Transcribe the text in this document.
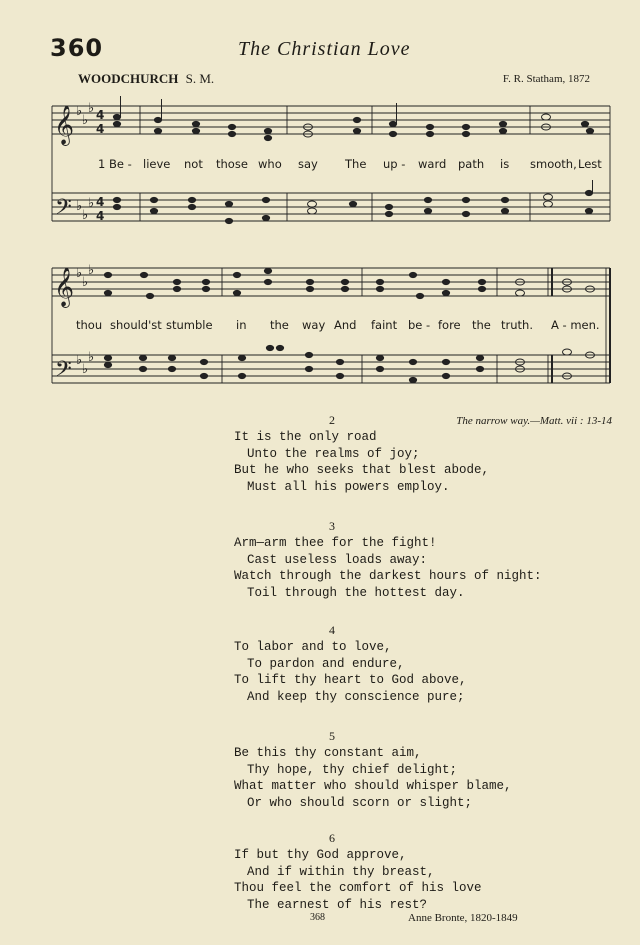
360	The Christian Love
WOODCHURCH S. M.	F. R. Statham, 1872
𝄞
𝄢
𝄞
𝄢
♭
♭
♭
♭
♭
♭
♭
♭
♭
♭
♭
♭
4
4
4
4
1 Be - lieve not those who say The up - ward path is smooth, Lest
thou should'st stumble in the way And faint be - fore the truth. A - men.
The narrow way.—Matt. vii : 13-14
2
It is the only road
Unto the realms of joy;
But he who seeks that blest abode,
Must all his powers employ.
3
Arm—arm thee for the fight!
Cast useless loads away:
Watch through the darkest hours of night:
Toil through the hottest day.
4
To labor and to love,
To pardon and endure,
To lift thy heart to God above,
And keep thy conscience pure;
5
Be this thy constant aim,
Thy hope, thy chief delight;
What matter who should whisper blame,
Or who should scorn or slight;
6
If but thy God approve,
And if within thy breast,
Thou feel the comfort of his love
The earnest of his rest?
368	Anne Bronte, 1820-1849
